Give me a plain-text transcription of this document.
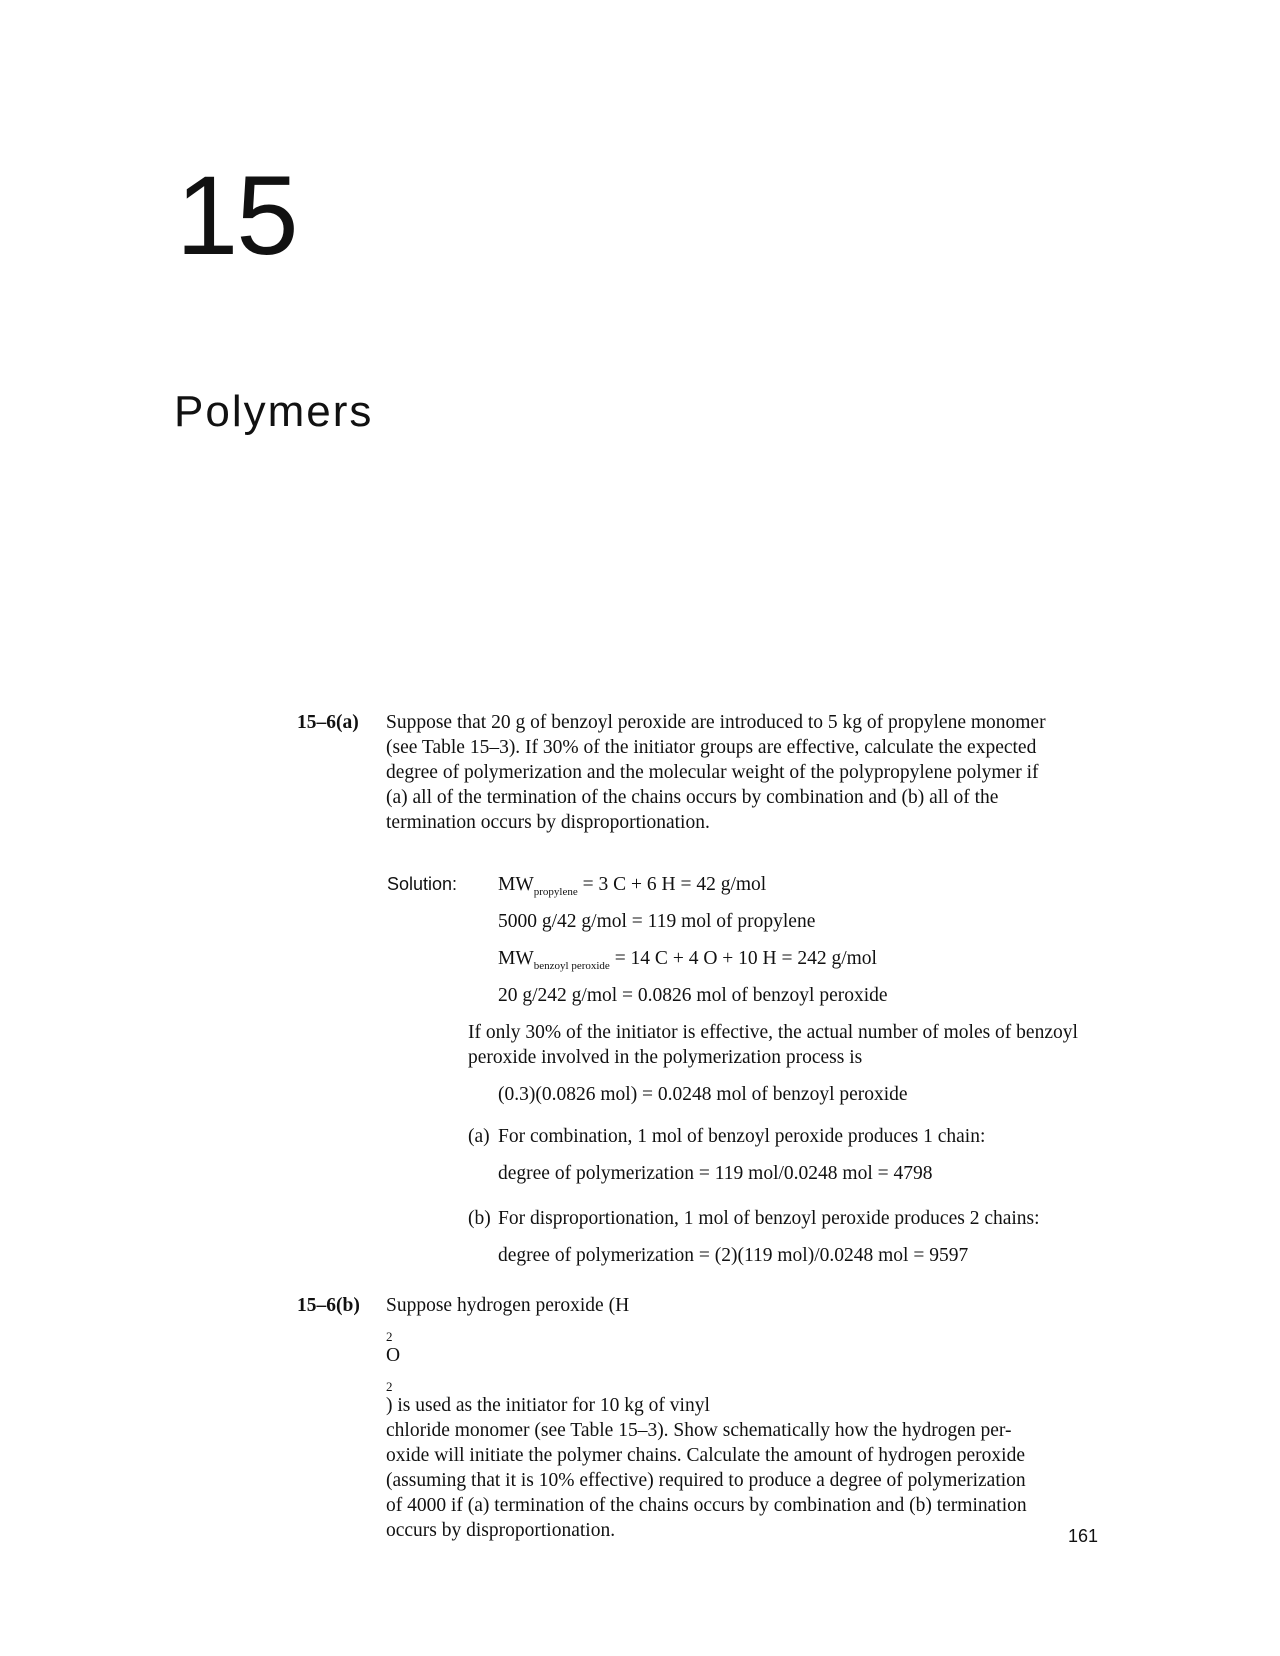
15
Polymers
15–6(a) Suppose that 20 g of benzoyl peroxide are introduced to 5 kg of propylene monomer
(see Table 15–3). If 30% of the initiator groups are effective, calculate the expected
degree of polymerization and the molecular weight of the polypropylene polymer if
(a) all of the termination of the chains occurs by combination and (b) all of the
termination occurs by disproportionation.
Solution: $MW_{propylene} = 3$ C + 6 H = 42 g/mol
5000 g/42 g/mol = 119 mol of propylene
$MW_{benzoyl peroxide} = 14$ C + 4 O + 10 H = 242 g/mol
20 g/242 g/mol = 0.0826 mol of benzoyl peroxide
If only 30% of the initiator is effective, the actual number of moles of benzoyl
peroxide involved in the polymerization process is
(0.3)(0.0826 mol) = 0.0248 mol of benzoyl peroxide
(a) For combination, 1 mol of benzoyl peroxide produces 1 chain:
degree of polymerization = 119 mol/0.0248 mol = 4798
(b) For disproportionation, 1 mol of benzoyl peroxide produces 2 chains:
degree of polymerization = (2)(119 mol)/0.0248 mol = 9597
15–6(b) Suppose hydrogen peroxide (H
$_2$
O
$_2$
) is used as the initiator for 10 kg of vinyl
chloride monomer (see Table 15–3). Show schematically how the hydrogen per-
oxide will initiate the polymer chains. Calculate the amount of hydrogen peroxide
(assuming that it is 10% effective) required to produce a degree of polymerization
of 4000 if (a) termination of the chains occurs by combination and (b) termination
occurs by disproportionation.	161
